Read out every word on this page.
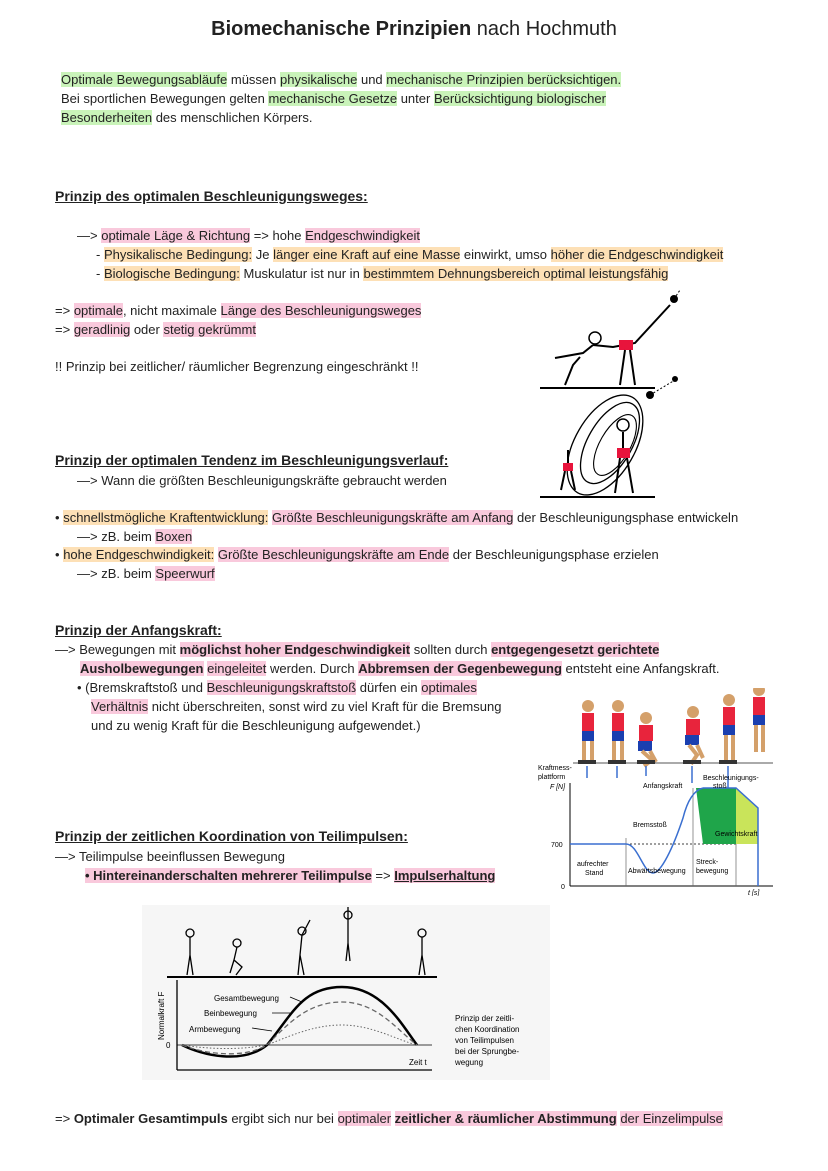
Biomechanische Prinzipien nach Hochmuth
Optimale Bewegungsabläufe müssen physikalische und mechanische Prinzipien berücksichtigen.
Bei sportlichen Bewegungen gelten mechanische Gesetze unter Berücksichtigung biologischer
Besonderheiten des menschlichen Körpers.
Prinzip des optimalen Beschleunigungsweges:
—> optimale Läge & Richtung => hohe Endgeschwindigkeit
- Physikalische Bedingung: Je länger eine Kraft auf eine Masse einwirkt, umso höher die Endgeschwindigkeit
- Biologische Bedingung: Muskulatur ist nur in bestimmtem Dehnungsbereich optimal leistungsfähig
=> optimale, nicht maximale Länge des Beschleunigungsweges
=> geradlinig oder stetig gekrümmt
!! Prinzip bei zeitlicher/ räumlicher Begrenzung eingeschränkt !!
Prinzip der optimalen Tendenz im Beschleunigungsverlauf:
—> Wann die größten Beschleunigungskräfte gebraucht werden
• schnellstmögliche Kraftentwicklung: Größte Beschleunigungskräfte am Anfang der Beschleunigungsphase entwickeln
—> zB. beim Boxen
• hohe Endgeschwindigkeit: Größte Beschleunigungskräfte am Ende der Beschleunigungsphase erzielen
—> zB. beim Speerwurf
Prinzip der Anfangskraft:
—> Bewegungen mit möglichst hoher Endgeschwindigkeit sollten durch entgegengesetzt gerichtete
Ausholbewegungen eingeleitet werden. Durch Abbremsen der Gegenbewegung entsteht eine Anfangskraft.
• (Bremskraftstoß und Beschleunigungskraftstoß dürfen ein optimales
Verhältnis nicht überschreiten, sonst wird zu viel Kraft für die Bremsung
und zu wenig Kraft für die Beschleunigung aufgewendet.)
Kraftmess-
plattform
F [N]	Anfangskraft
Beschleunigungs-
stoß
Bremsstoß
Gewichtskraft
700
0
aufrechter
Stand	Abwärtsbewegung
Streck-
bewegung
t [s]
Prinzip der zeitlichen Koordination von Teilimpulsen:
—> Teilimpulse beeinflussen Bewegung
• Hintereinanderschalten mehrerer Teilimpulse => Impulserhaltung
Gesamtbewegung
Beinbewegung
Armbewegung
Normalkraft F
0
Zeit t
Prinzip der zeitli-
chen Koordination
von Teilimpulsen
bei der Sprungbe-
wegung
=> Optimaler Gesamtimpuls ergibt sich nur bei optimaler zeitlicher & räumlicher Abstimmung der Einzelimpulse
